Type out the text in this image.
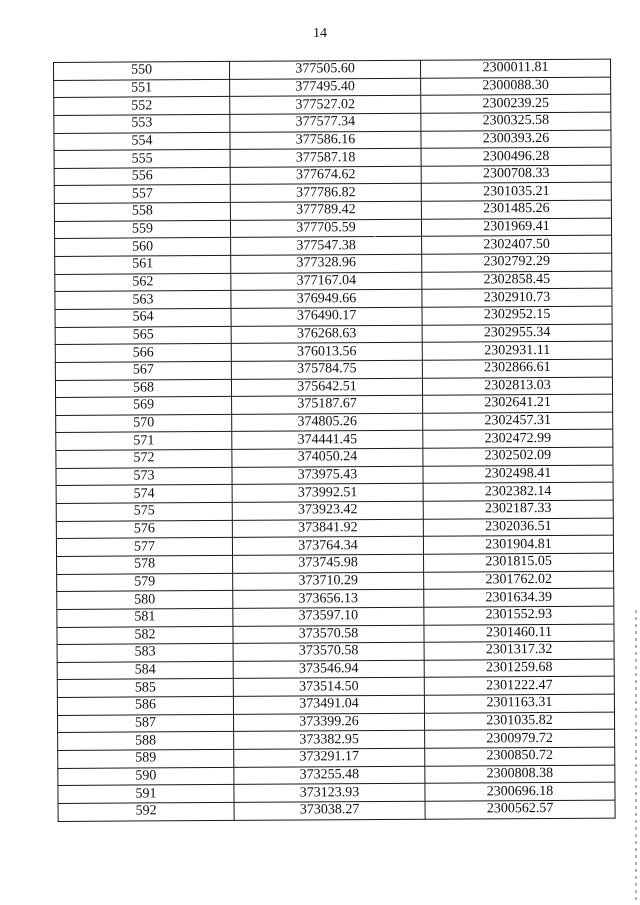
14
550	377505.60	2300011.81
551	377495.40	2300088.30
552	377527.02	2300239.25
553	377577.34	2300325.58
554	377586.16	2300393.26
555	377587.18	2300496.28
556	377674.62	2300708.33
557	377786.82	2301035.21
558	377789.42	2301485.26
559	377705.59	2301969.41
560	377547.38	2302407.50
561	377328.96	2302792.29
562	377167.04	2302858.45
563	376949.66	2302910.73
564	376490.17	2302952.15
565	376268.63	2302955.34
566	376013.56	2302931.11
567	375784.75	2302866.61
568	375642.51	2302813.03
569	375187.67	2302641.21
570	374805.26	2302457.31
571	374441.45	2302472.99
572	374050.24	2302502.09
573	373975.43	2302498.41
574	373992.51	2302382.14
575	373923.42	2302187.33
576	373841.92	2302036.51
577	373764.34	2301904.81
578	373745.98	2301815.05
579	373710.29	2301762.02
580	373656.13	2301634.39
581	373597.10	2301552.93
582	373570.58	2301460.11
583	373570.58	2301317.32
584	373546.94	2301259.68
585	373514.50	2301222.47
586	373491.04	2301163.31
587	373399.26	2301035.82
588	373382.95	2300979.72
589	373291.17	2300850.72
590	373255.48	2300808.38
591	373123.93	2300696.18
592	373038.27	2300562.57
